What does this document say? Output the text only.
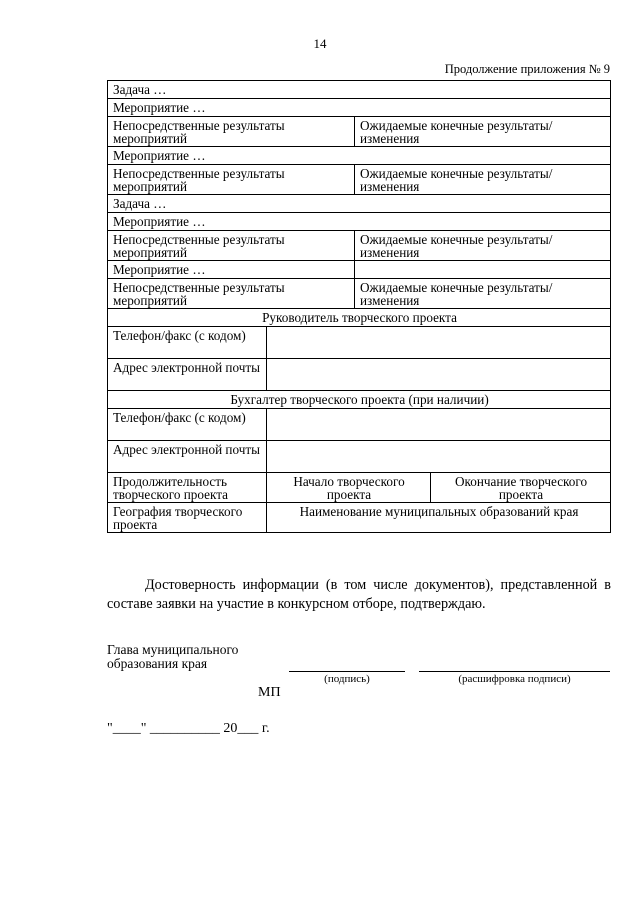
14
Продолжение приложения № 9
Задача …			
Мероприятие …			
Непосредственные результаты мероприятий		Ожидаемые конечные результаты/ изменения	
Мероприятие …			
Непосредственные результаты мероприятий		Ожидаемые конечные результаты/ изменения	
Задача …			
Мероприятие …			
Непосредственные результаты мероприятий		Ожидаемые конечные результаты/ изменения	
Мероприятие …			
Непосредственные результаты мероприятий		Ожидаемые конечные результаты/ изменения	
Руководитель творческого проекта			
Телефон/факс (с кодом)			
Адрес электронной почты			
Бухгалтер творческого проекта (при наличии)			
Телефон/факс (с кодом)			
Адрес электронной почты			
Продолжительность творческого проекта	Начало творческого проекта		Окончание творческого проекта
География творческого проекта	Наименование муниципальных образований края		
Достоверность информации (в том числе документов), представленной в составе заявки на участие в конкурсном отборе, подтверждаю.
Глава муниципального образования края
(подпись)	(расшифровка подписи)
МП
"____" __________ 20___ г.
